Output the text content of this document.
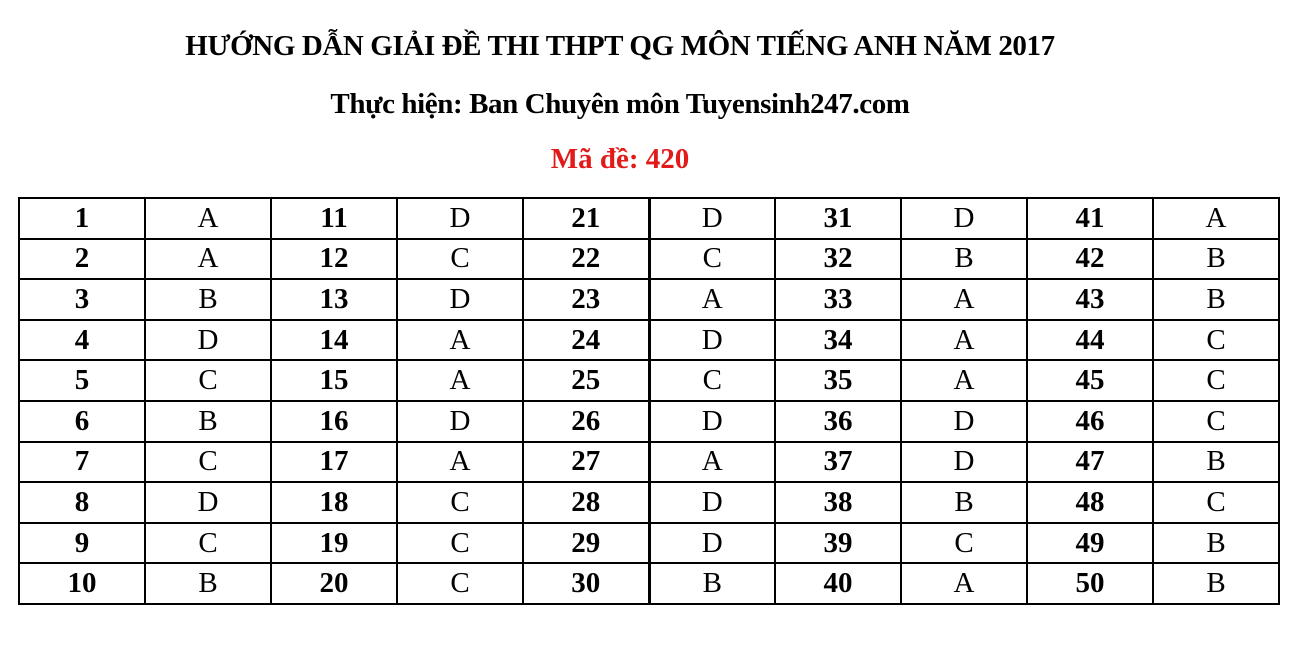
HƯỚNG DẪN GIẢI ĐỀ THI THPT QG MÔN TIẾNG ANH NĂM 2017
Thực hiện: Ban Chuyên môn Tuyensinh247.com
Mã đề: 420
1	A	11	D	21	D	31	D	41	A
2	A	12	C	22	C	32	B	42	B
3	B	13	D	23	A	33	A	43	B
4	D	14	A	24	D	34	A	44	C
5	C	15	A	25	C	35	A	45	C
6	B	16	D	26	D	36	D	46	C
7	C	17	A	27	A	37	D	47	B
8	D	18	C	28	D	38	B	48	C
9	C	19	C	29	D	39	C	49	B
10	B	20	C	30	B	40	A	50	B
